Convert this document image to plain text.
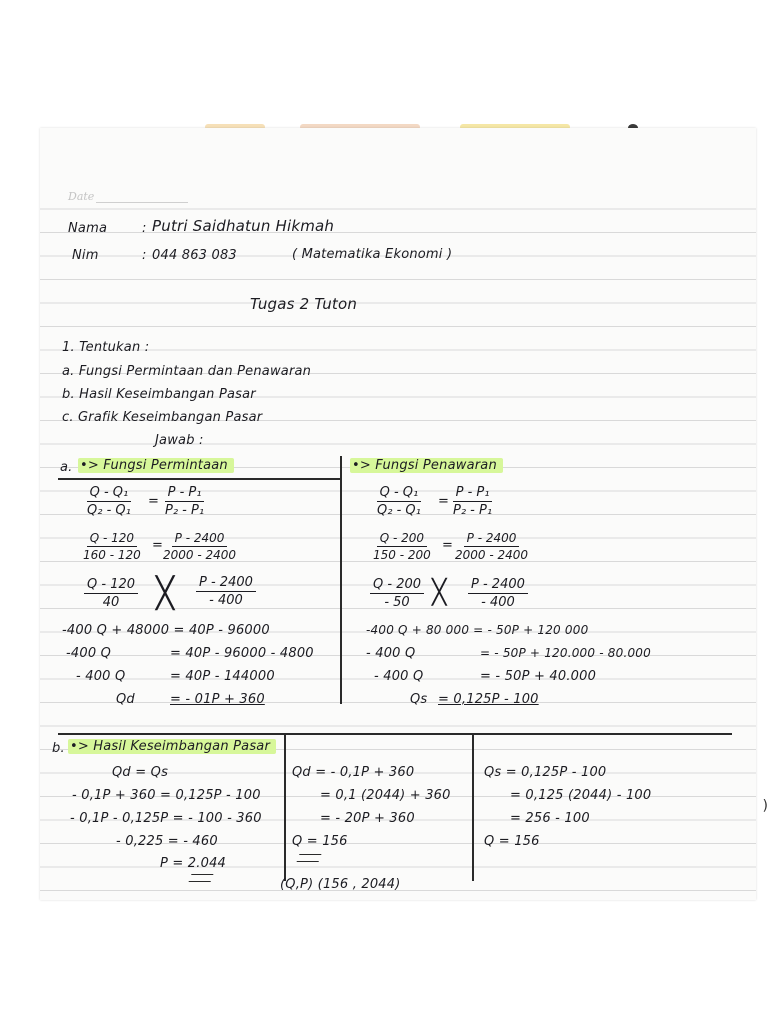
Date
Nama	: Putri Saidhatun Hikmah
Nim	: 044 863 083	( Matematika Ekonomi )
Tugas 2 Tuton
1. Tentukan :
a. Fungsi Permintaan dan Penawaran
b. Hasil Keseimbangan Pasar
c. Grafik Keseimbangan Pasar
Jawab :
a. •> Fungsi Permintaan	•> Fungsi Penawaran
$\frac{\text{Q - Q₁}}{\text{Q₂ - Q₁}} = \frac{\text{P - P₁}}{\text{P₂ - P₁}}$
$\frac{Q - 120}{160 - 120}$ =
$\frac{P - 2400}{2000 - 2400}$
$\frac{Q - 120}{40}$ ╳ $\frac{P - 2400}{- 400}$
-400 Q + 48000 = 40P - 96000
-400 Q	= 40P - 96000 - 4800
- 400 Q	= 40P - 144000
Qd	= - 01P + 360
$\frac{\text{Q - Q₁}}{\text{Q₂ - Q₁}} = \frac{\text{P - P₁}}{\text{P₂ - P₁}}$
$\frac{Q - 200}{150 - 200} = \frac{P - 2400}{2000 - 2400}$
$\frac{Q - 200}{- 50}$ ╳ $\frac{P - 2400}{- 400}$
-400 Q + 80 000 = - 50P + 120 000
- 400 Q	= - 50P + 120.000 - 80.000
- 400 Q	= - 50P + 40.000
Qs = 0,125P - 100
b. •> Hasil Keseimbangan Pasar
Qd = Qs
- 0,1P + 360 = 0,125P - 100
- 0,1P - 0,125P = - 100 - 360
- 0,225 = - 460
P = 2.044
Qd = - 0,1P + 360
= 0,1 (2044) + 360
= - 20P + 360
Q = 156
Qs = 0,125P - 100
= 0,125 (2044) - 100
= 256 - 100
Q = 156
(Q,P) (156 , 2044)
)
